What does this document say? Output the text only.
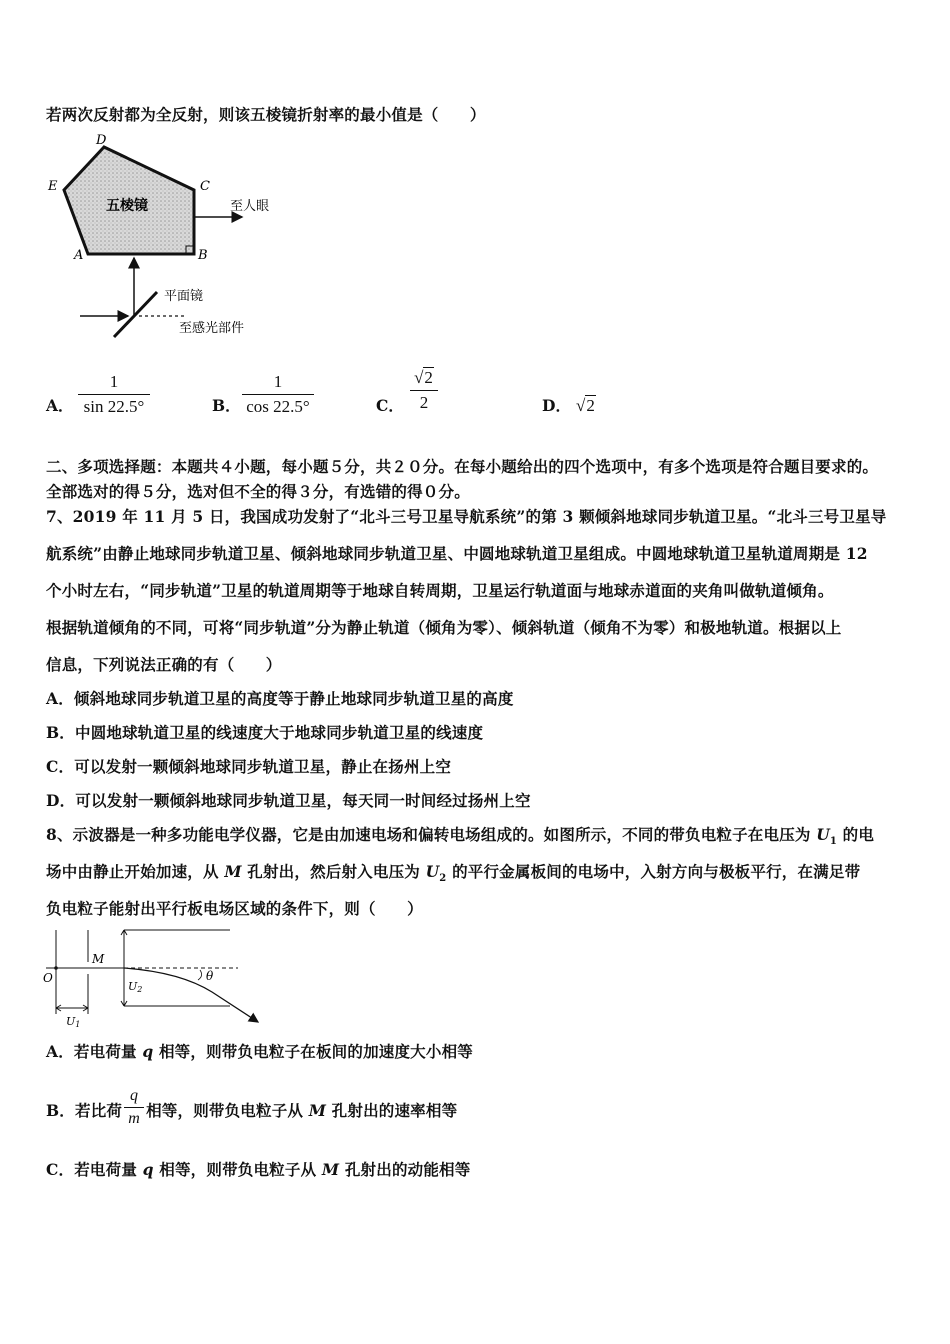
若两次反射都为全反射，则该五棱镜折射率的最小值是（　　）
D
E	C
A	B
五棱镜	至人眼
平面镜
至感光部件
A． $\frac{1}{\sin 22.5^\circ}$	B． $\frac{1}{\cos 22.5^\circ}$	C． $\frac{√2}{2}$	D． √2
二、多项选择题：本题共４小题，每小题５分，共２０分。在每小题给出的四个选项中，有多个选项是符合题目要求的。
全部选对的得５分，选对但不全的得３分，有选错的得０分。
7、2019 年 11 月 5 日，我国成功发射了“北斗三号卫星导航系统”的第 3 颗倾斜地球同步轨道卫星。“北斗三号卫星导
航系统”由静止地球同步轨道卫星、倾斜地球同步轨道卫星、中圆地球轨道卫星组成。中圆地球轨道卫星轨道周期是 12
个小时左右，“同步轨道”卫星的轨道周期等于地球自转周期，卫星运行轨道面与地球赤道面的夹角叫做轨道倾角。
根据轨道倾角的不同，可将“同步轨道”分为静止轨道（倾角为零）、倾斜轨道（倾角不为零）和极地轨道。根据以上
信息，下列说法正确的有（　　）
A．倾斜地球同步轨道卫星的高度等于静止地球同步轨道卫星的高度
B．中圆地球轨道卫星的线速度大于地球同步轨道卫星的线速度
C．可以发射一颗倾斜地球同步轨道卫星，静止在扬州上空
D．可以发射一颗倾斜地球同步轨道卫星，每天同一时间经过扬州上空
8、示波器是一种多功能电学仪器，它是由加速电场和偏转电场组成的。如图所示，不同的带负电粒子在电压为 $U_1$ 的电
场中由静止开始加速，从 M 孔射出，然后射入电压为 $U_2$ 的平行金属板间的电场中，入射方向与极板平行，在满足带
负电粒子能射出平行板电场区域的条件下，则（　　）
O
M
U1
U2
θ
A．若电荷量 q 相等，则带负电粒子在板间的加速度大小相等
B．若比荷 $\frac{q}{m}$ 相等，则带负电粒子从 M 孔射出的速率相等
C．若电荷量 q 相等，则带负电粒子从 M 孔射出的动能相等
